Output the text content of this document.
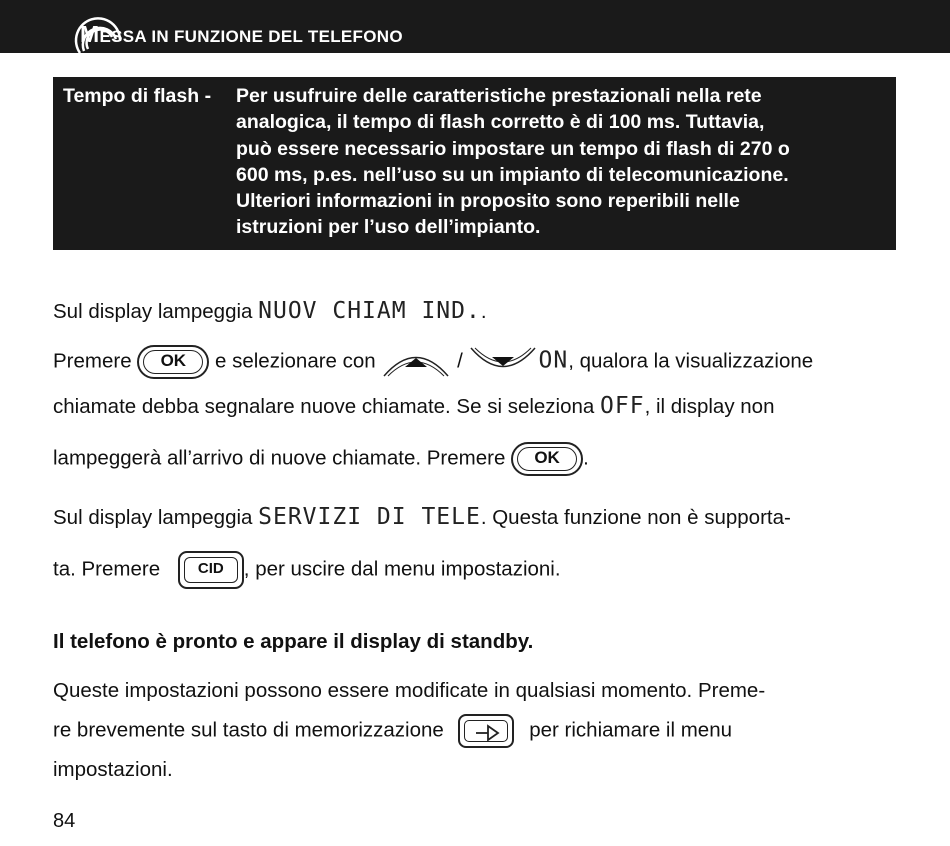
MESSA IN FUNZIONE DEL TELEFONO
Tempo di flash - Per usufruire delle caratteristiche prestazionali nella rete
analogica, il tempo di flash corretto è di 100 ms. Tuttavia,
può essere necessario impostare un tempo di flash di 270 o
600 ms, p.es. nell’uso su un impianto di telecomunicazione.
Ulteriori informazioni in proposito sono reperibili nelle
istruzioni per l’uso dell’impianto.
Sul display lampeggia NUOV CHIAM IND..
Premere OK e selezionare con	/	ON, qualora la visualizzazione
chiamate debba segnalare nuove chiamate. Se si seleziona OFF, il display non
lampeggerà all’arrivo di nuove chiamate. Premere OK .
Sul display lampeggia SERVIZI DI TELE. Questa funzione non è supporta-
ta. Premere CID , per uscire dal menu impostazioni.
Il telefono è pronto e appare il display di standby.
Queste impostazioni possono essere modificate in qualsiasi momento. Preme-
re brevemente sul tasto di memorizzazione	per richiamare il menu
impostazioni.
84
